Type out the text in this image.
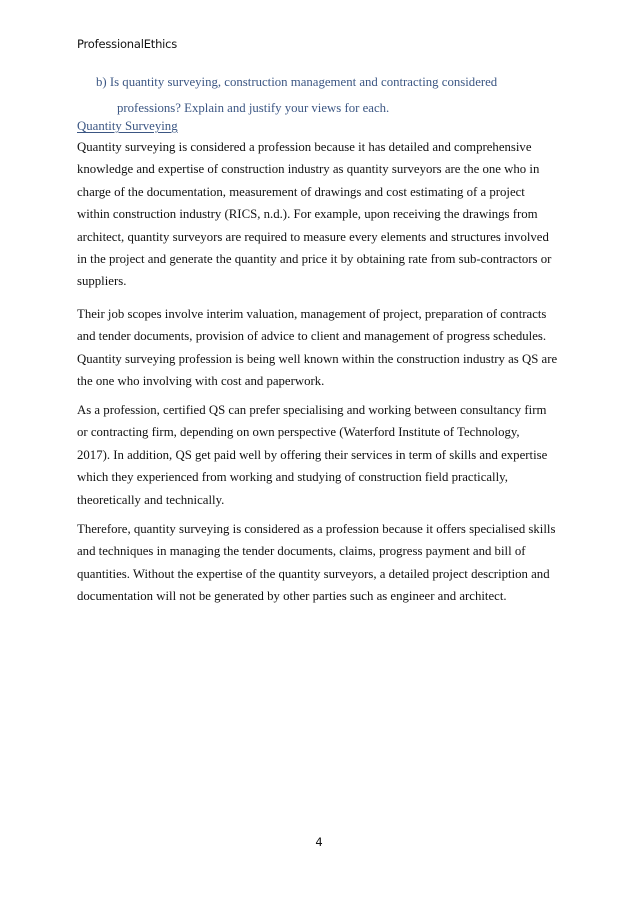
ProfessionalEthics
b) Is quantity surveying, construction management and contracting considered
professions? Explain and justify your views for each.
Quantity Surveying
Quantity surveying is considered a profession because it has detailed and comprehensive
knowledge and expertise of construction industry as quantity surveyors are the one who in
charge of the documentation, measurement of drawings and cost estimating of a project
within construction industry (RICS, n.d.). For example, upon receiving the drawings from
architect, quantity surveyors are required to measure every elements and structures involved
in the project and generate the quantity and price it by obtaining rate from sub-contractors or
suppliers.
Their job scopes involve interim valuation, management of project, preparation of contracts
and tender documents, provision of advice to client and management of progress schedules.
Quantity surveying profession is being well known within the construction industry as QS are
the one who involving with cost and paperwork.
As a profession, certified QS can prefer specialising and working between consultancy firm
or contracting firm, depending on own perspective (Waterford Institute of Technology,
2017). In addition, QS get paid well by offering their services in term of skills and expertise
which they experienced from working and studying of construction field practically,
theoretically and technically.
Therefore, quantity surveying is considered as a profession because it offers specialised skills
and techniques in managing the tender documents, claims, progress payment and bill of
quantities. Without the expertise of the quantity surveyors, a detailed project description and
documentation will not be generated by other parties such as engineer and architect.
4
